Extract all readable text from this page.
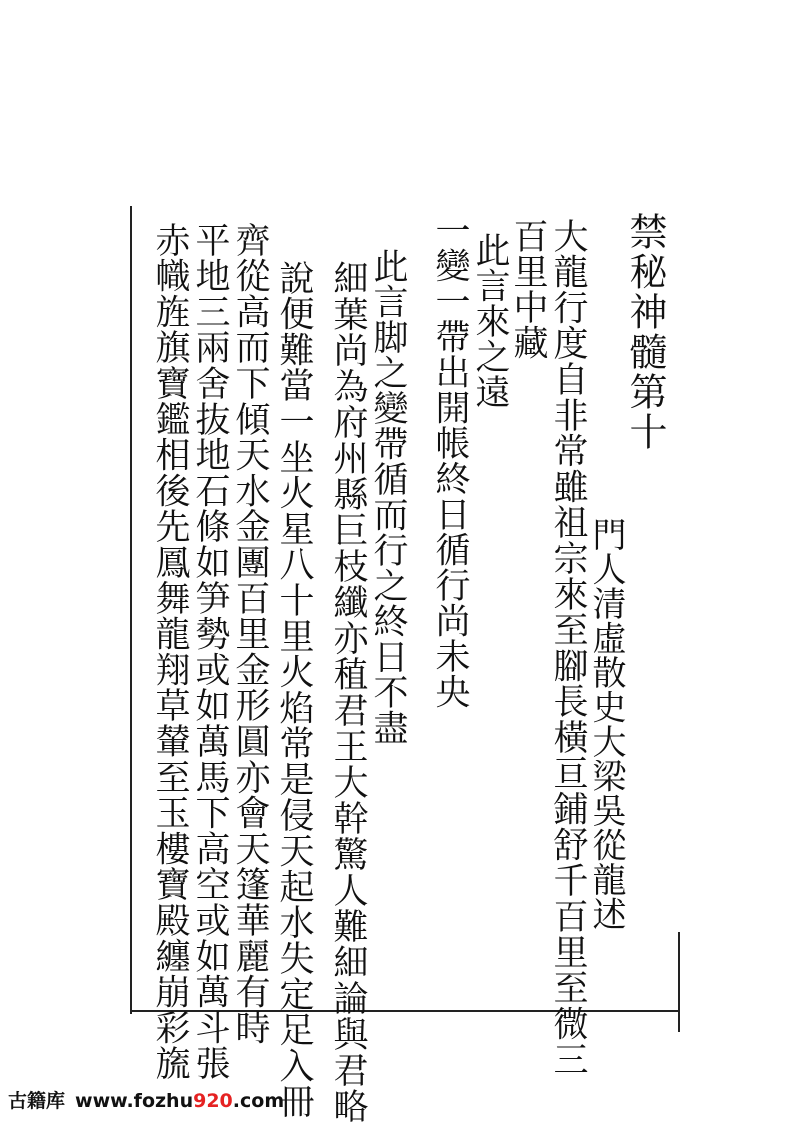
禁秘神髓第十
門人清虛散史大梁吳從龍述
大龍行度自非常雖祖宗來至腳長橫亘鋪舒千百里至微三
百里中藏
此言來之遠
一變一帶出開帳終日循行尚未央
此言脚之變帶循而行之終日不盡
細葉尚為府州縣巨枝纖亦稙君王大幹驚人難細論與君略
說便難當一坐火星八十里火焰常是侵天起水失定足入冊
齊從高而下傾天水金團百里金形圓亦會天篷華麗有時
平地三兩舍抜地石條如笋勢或如萬馬下高空或如萬斗張
赤幟旌旗寶鑑相後先鳳舞龍翔草輦至玉樓寶殿纏崩彩旒
古籍库 www.fozhu920.com
